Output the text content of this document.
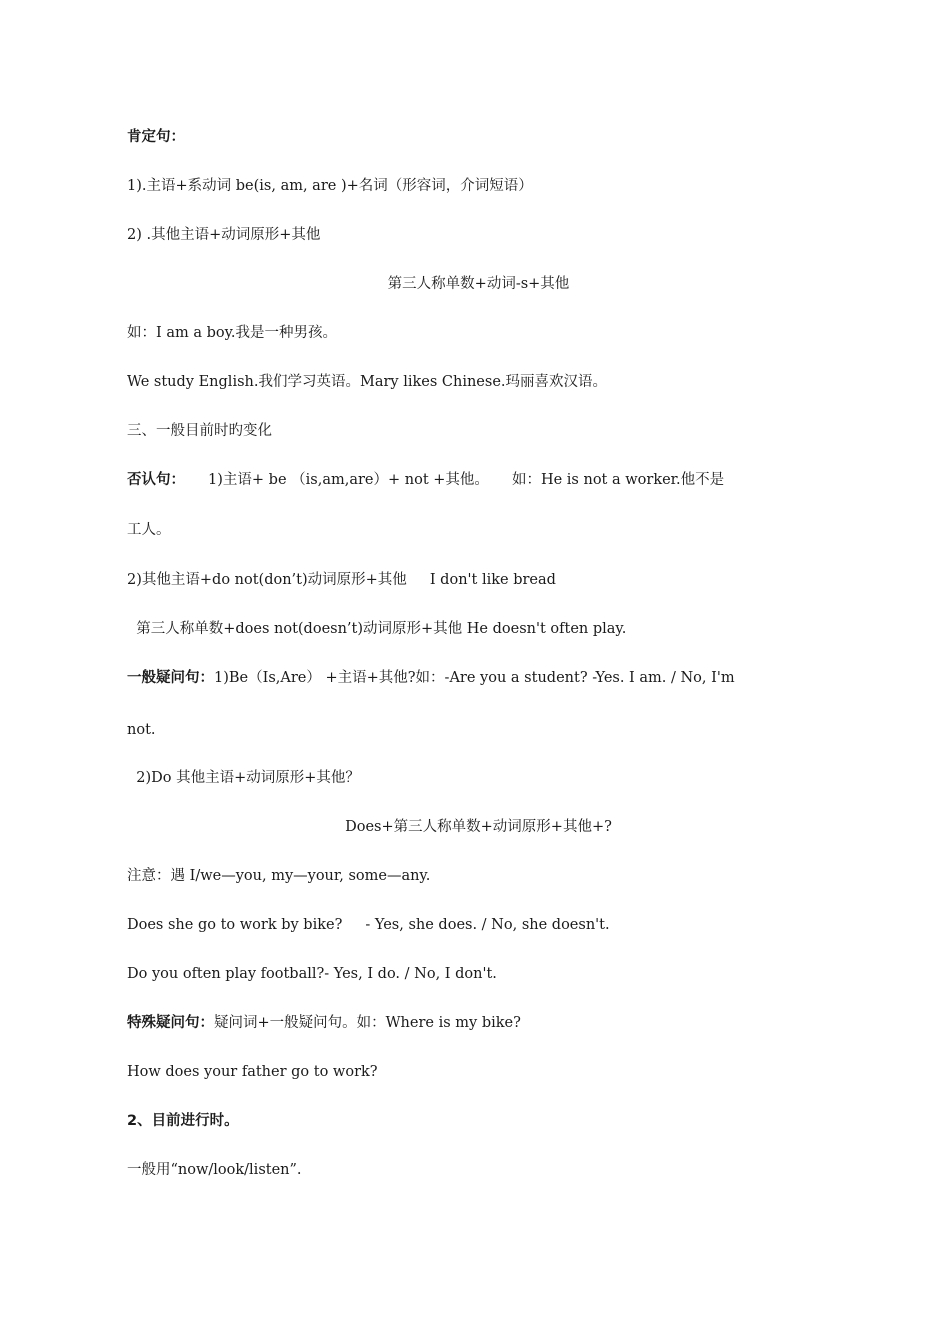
肯定句：
1).主语+系动词 be(is, am, are )+名词（形容词，介词短语）
2) .其他主语+动词原形+其他
第三人称单数+动词-s+其他
如：I am a boy.我是一种男孩。
We study English.我们学习英语。Mary likes Chinese.玛丽喜欢汉语。
三、一般目前时旳变化
否认句：     1)主语+ be （is,am,are）+ not +其他。     如：He is not a worker.他不是
工人。
2)其他主语+do not(don’t)动词原形+其他     I don't like bread
第三人称单数+does not(doesn’t)动词原形+其他 He doesn't often play.
一般疑问句：1)Be（Is,Are） +主语+其他?如：-Are you a student? -Yes. I am. / No, I'm
not.
2)Do 其他主语+动词原形+其他？
Does+第三人称单数+动词原形+其他+?
注意：遇 I/we—you, my—your, some—any.
Does she go to work by bike?     - Yes, she does. / No, she doesn't.
Do you often play football?- Yes, I do. / No, I don't.
特殊疑问句：疑问词+一般疑问句。如：Where is my bike?
How does your father go to work?
2、目前进行时。
一般用“now/look/listen”.
